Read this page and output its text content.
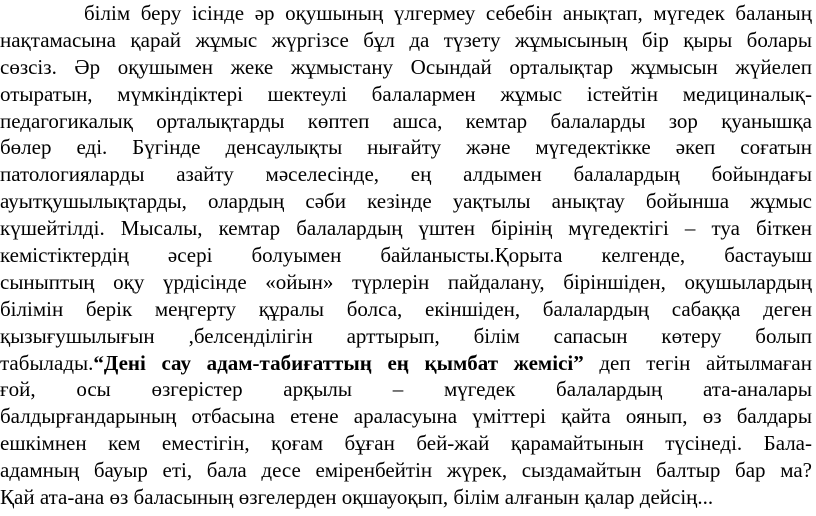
білім беру ісінде әр оқушының үлгермеу себебін анықтап, мүгедек баланың
нақтамасына қарай жұмыс жүргізсе бұл да түзету жұмысының бір қыры болары
сөзсіз. Әр оқушымен жеке жұмыстану Осындай орталықтар жұмысын жүйелеп
отыратын, мүмкіндіктері шектеулі балалармен жұмыс істейтін медициналық-
педагогикалық орталықтарды көптеп ашса, кемтар балаларды зор қуанышқа
бөлер еді. Бүгінде денсаулықты нығайту және мүгедектікке әкеп соғатын
патологияларды азайту мәселесінде, ең алдымен балалардың бойындағы
ауытқушылықтарды, олардың сәби кезінде уақтылы анықтау бойынша жұмыс
күшейтілді. Мысалы, кемтар балалардың үштен бірінің мүгедектігі – туа біткен
кемістіктердің әсері болуымен байланысты.Қорыта келгенде, бастауыш
сыныптың оқу үрдісінде «ойын» түрлерін пайдалану, біріншіден, оқушылардың
білімін берік меңгерту құралы болса, екіншіден, балалардың сабаққа деген
қызығушылығын ,белсенділігін арттырып, білім сапасын көтеру болып
табылады.“Дені сау адам-табиғаттың ең қымбат жемісі” деп тегін айтылмаған
ғой, осы өзгерістер арқылы – мүгедек балалардың ата-аналары
балдырғандарының отбасына етене араласуына үміттері қайта оянып, өз балдары
ешкімнен кем еместігін, қоғам бұған бей-жай қарамайтынын түсінеді. Бала-
адамның бауыр еті, бала десе еміренбейтін жүрек, сыздамайтын балтыр бар ма?
Қай ата-ана өз баласының өзгелерден оқшауоқып, білім алғанын қалар дейсің...
